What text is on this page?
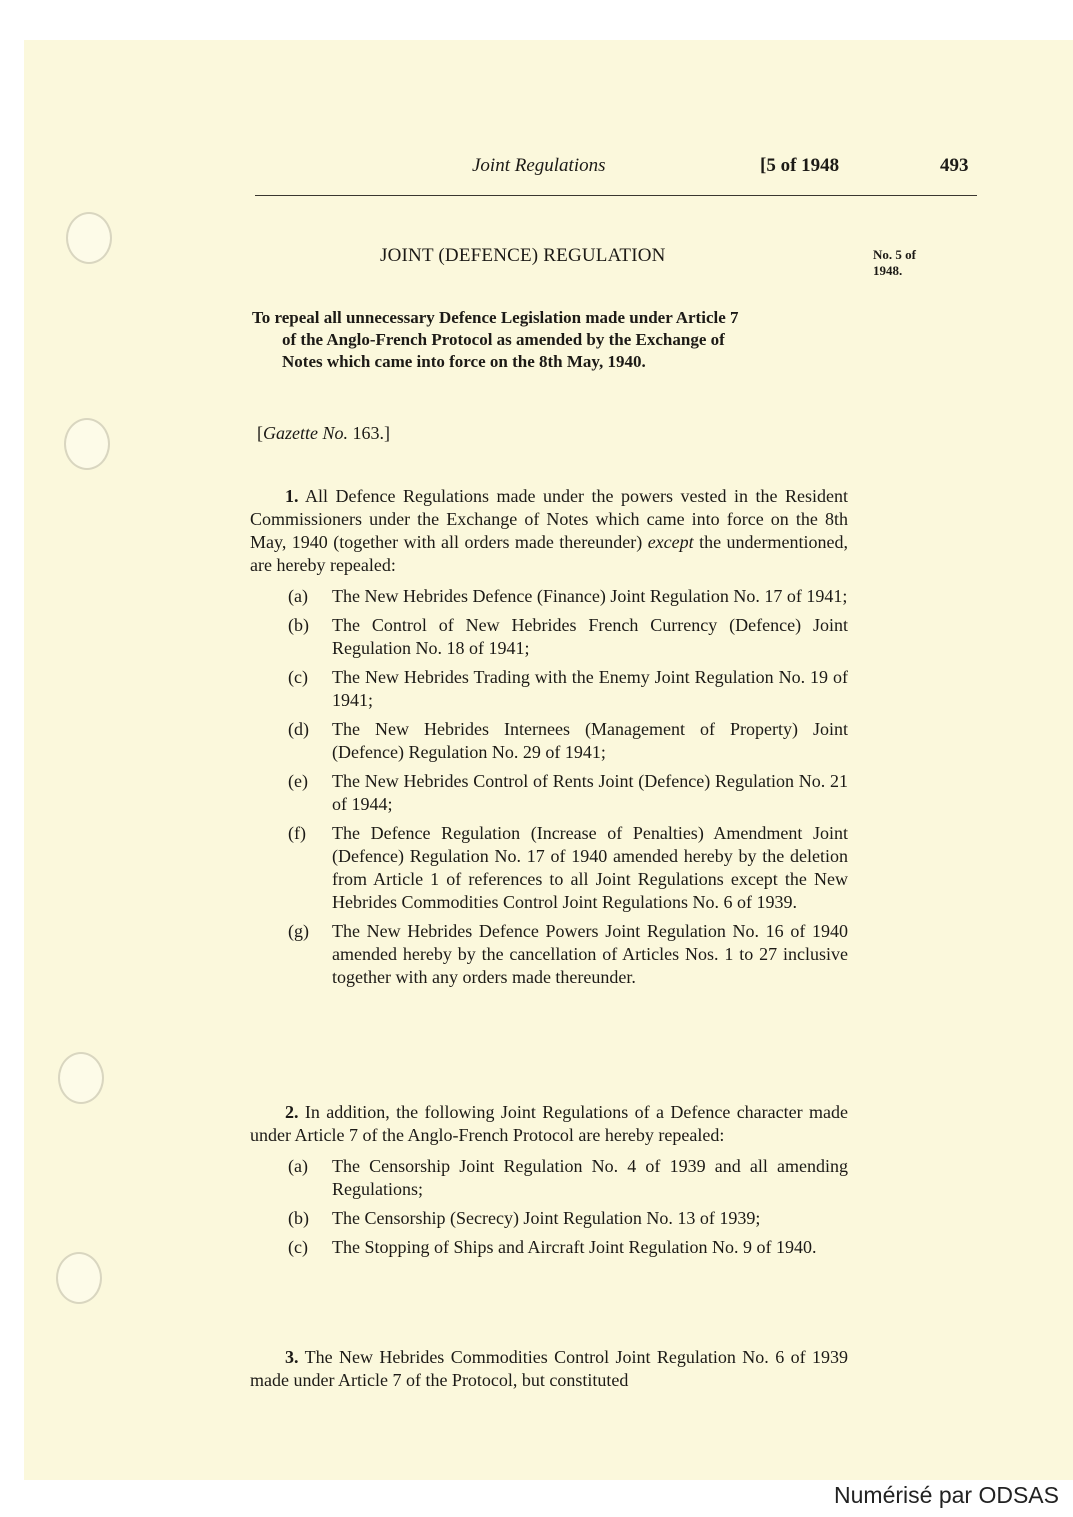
Joint Regulations	[5 of 1948	493
JOINT (DEFENCE) REGULATION	No. 5 of
1948.
To repeal all unnecessary Defence Legislation made under Article 7
of the Anglo-French Protocol as amended by the Exchange of
Notes which came into force on the 8th May, 1940.
[Gazette No. 163.]

1. All Defence Regulations made under the powers vested in the Resident Commissioners under the Exchange of Notes which came into force on the 8th May, 1940 (together with all orders made thereunder) except the undermentioned, are hereby repealed:

(a)	The New Hebrides Defence (Finance) Joint Regulation No. 17 of 1941;
(b)	The Control of New Hebrides French Currency (Defence) Joint Regulation No. 18 of 1941;
(c)	The New Hebrides Trading with the Enemy Joint Regulation No. 19 of 1941;
(d)	The New Hebrides Internees (Management of Property) Joint (Defence) Regulation No. 29 of 1941;
(e)	The New Hebrides Control of Rents Joint (Defence) Regulation No. 21 of 1944;
(f)	The Defence Regulation (Increase of Penalties) Amendment Joint (Defence) Regulation No. 17 of 1940 amended hereby by the deletion from Article 1 of references to all Joint Regulations except the New Hebrides Commodities Control Joint Regulations No. 6 of 1939.
(g)	The New Hebrides Defence Powers Joint Regulation No. 16 of 1940 amended hereby by the cancellation of Articles Nos. 1 to 27 inclusive together with any orders made thereunder.

2. In addition, the following Joint Regulations of a Defence character made under Article 7 of the Anglo-French Protocol are hereby repealed:

(a)	The Censorship Joint Regulation No. 4 of 1939 and all amending Regulations;
(b)	The Censorship (Secrecy) Joint Regulation No. 13 of 1939;
(c)	The Stopping of Ships and Aircraft Joint Regulation No. 9 of 1940.

3. The New Hebrides Commodities Control Joint Regulation No. 6 of 1939 made under Article 7 of the Protocol, but constituted

Numérisé par ODSAS
